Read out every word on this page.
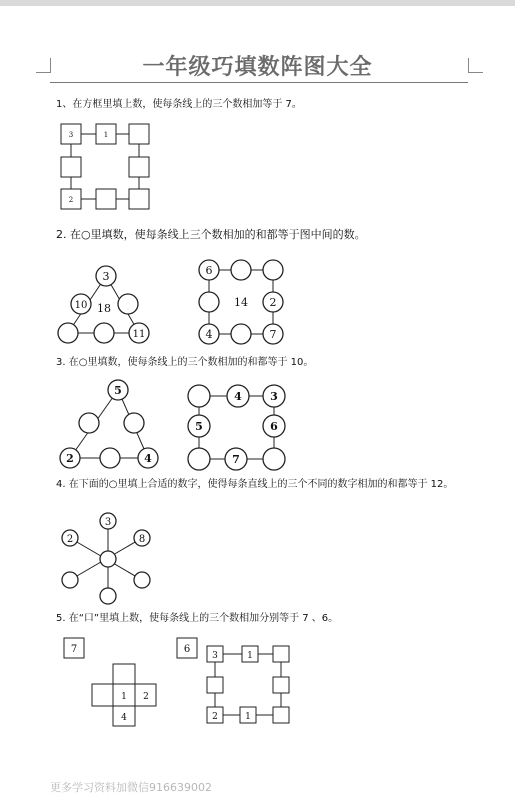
一年级巧填数阵图大全
1、在方框里填上数，使每条线上的三个数相加等于 7。
2. 在○里填数，使每条线上三个数相加的和都等于图中间的数。
3. 在○里填数，使每条线上的三个数相加的和都等于 10。
4. 在下面的○里填上合适的数字，使得每条直线上的三个不同的数字相加的和都等于 12。
5. 在“口”里填上数，使每条线上的三个数相加分别等于 7 、6。
3	1
2
3
10 18
11
6
14 2
4	7
5
2	4
4	3
5	6
7
2
3
8
7
1 2
4
6
3	1
2	1
更多学习资料加微信916639002
